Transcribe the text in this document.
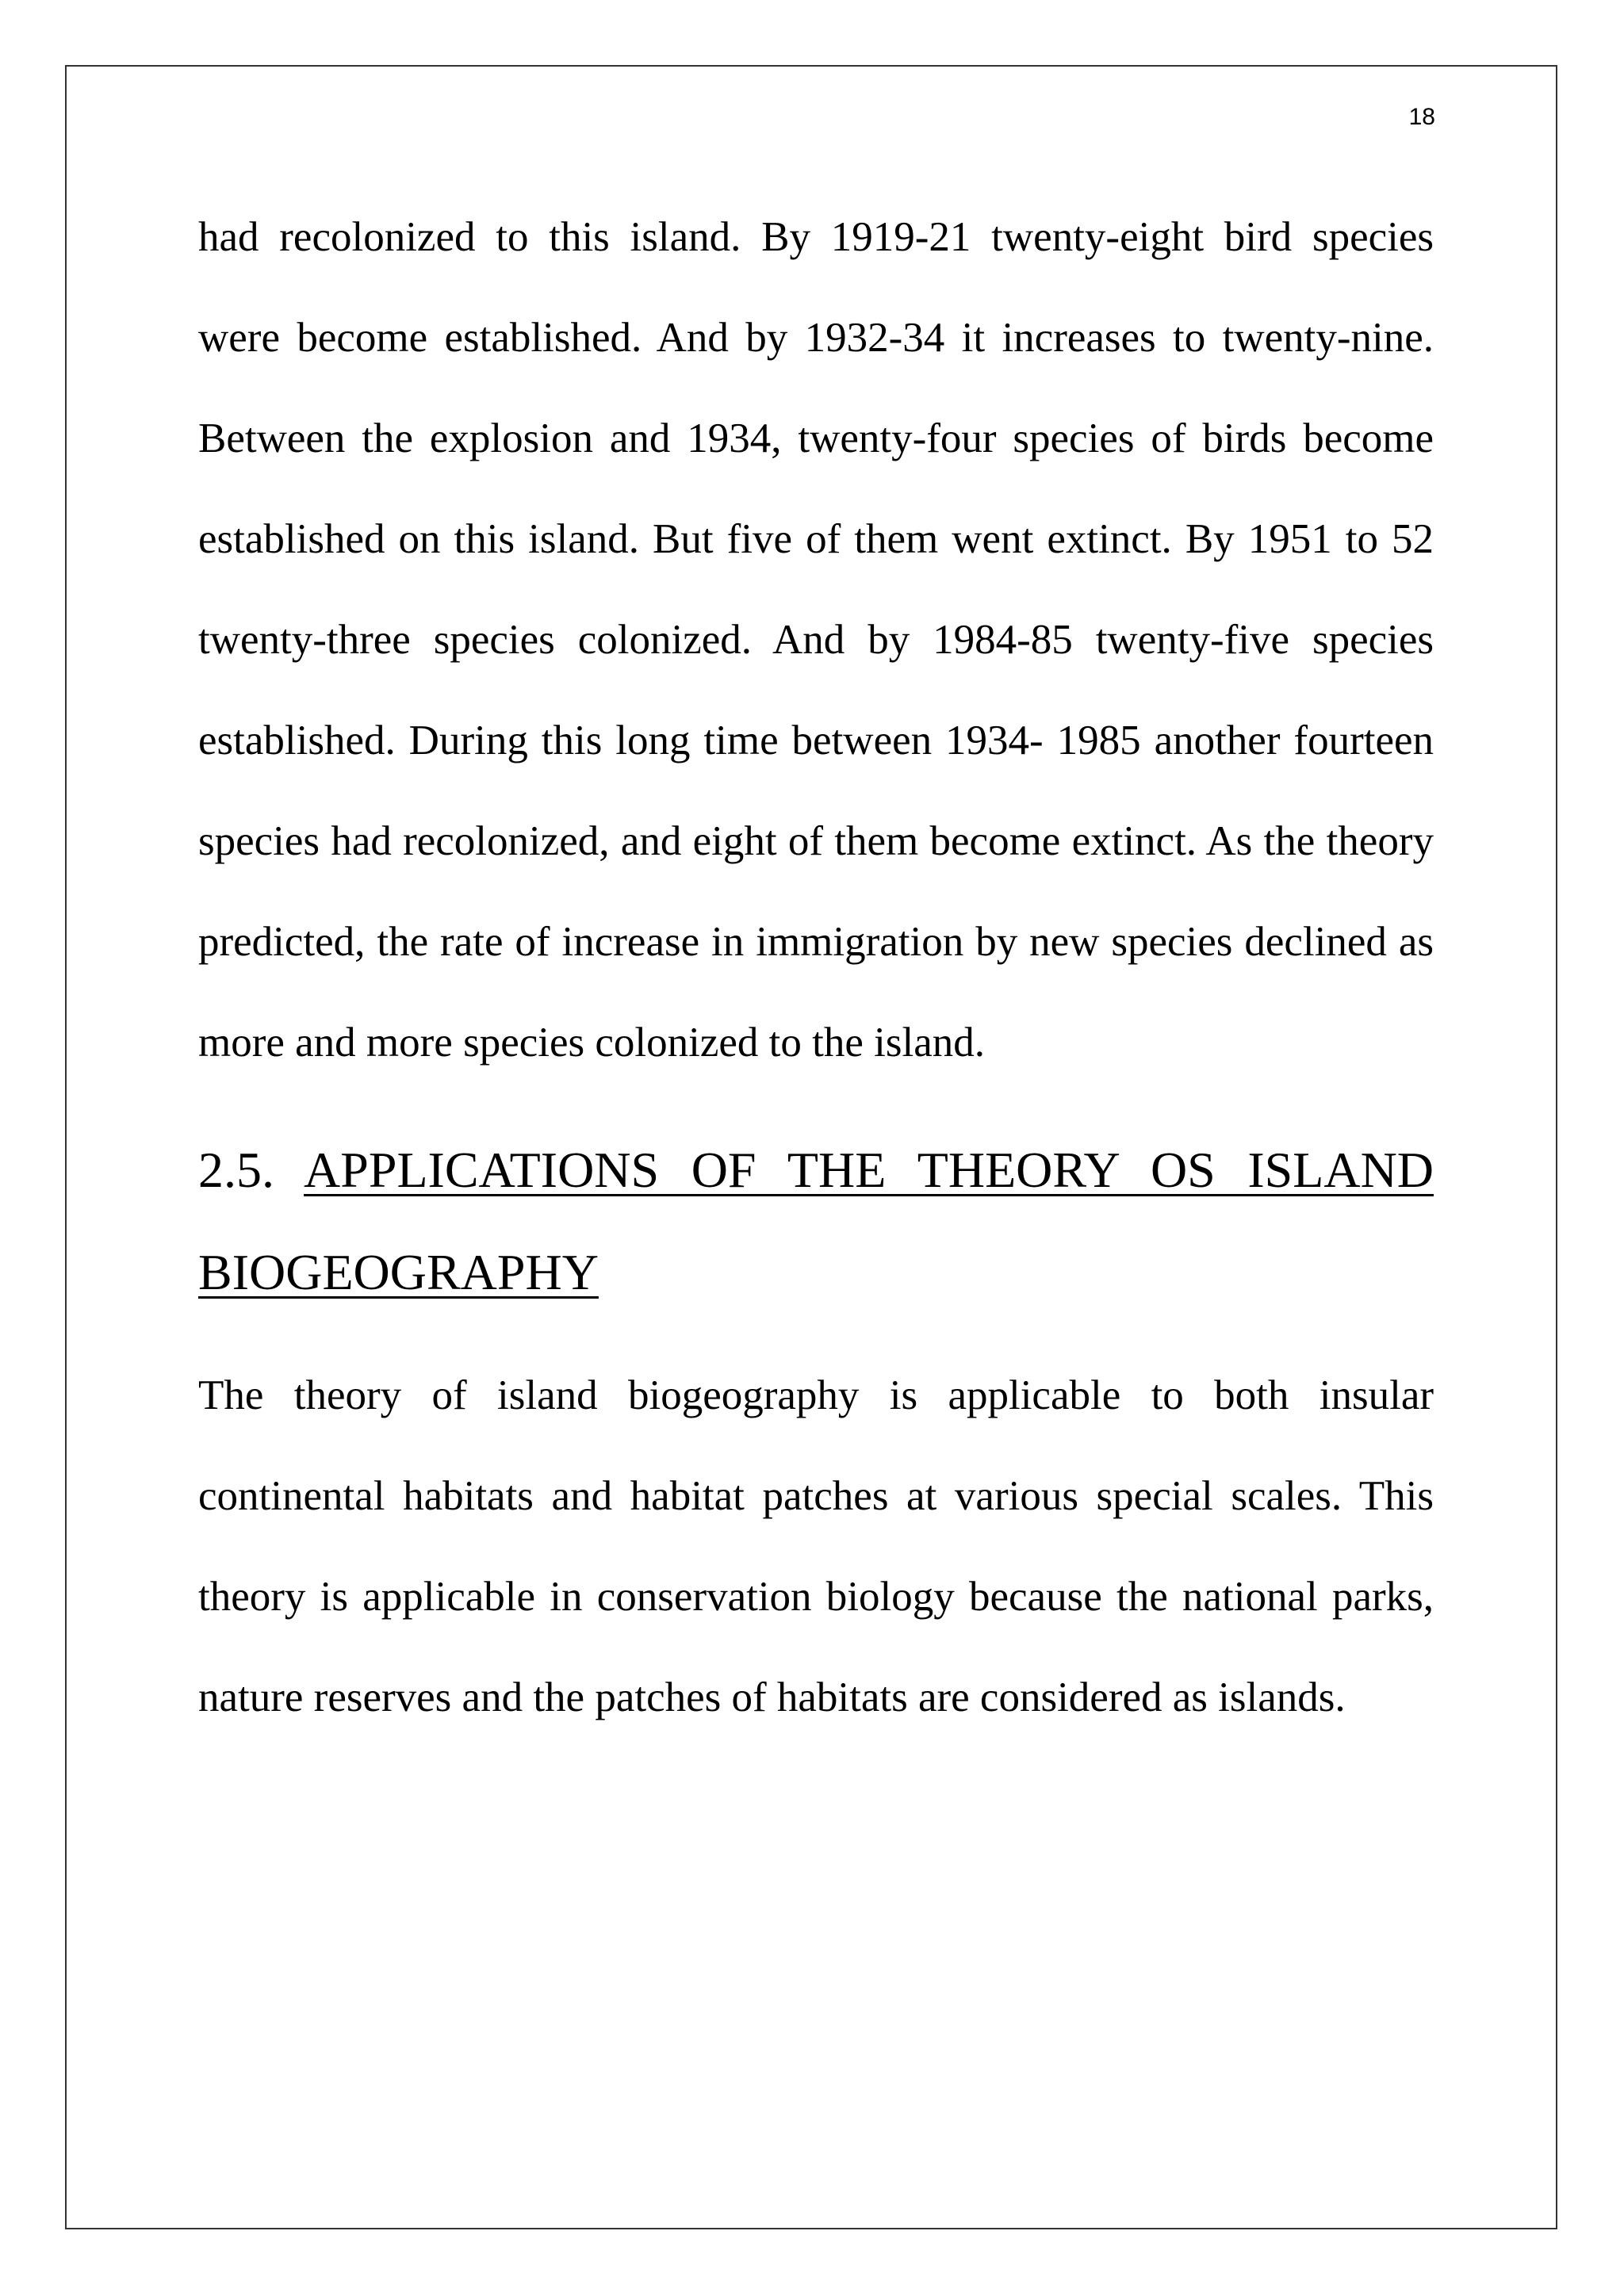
18

had recolonized to this island. By 1919-21 twenty-eight bird species were become established. And by 1932-34 it increases to twenty-nine. Between the explosion and 1934, twenty-four species of birds become established on this island. But five of them went extinct. By 1951 to 52 twenty-three species colonized. And by 1984-85 twenty-five species established. During this long time between 1934- 1985 another fourteen species had recolonized, and eight of them become extinct. As the theory predicted, the rate of increase in immigration by new species declined as more and more species colonized to the island.

2.5. APPLICATIONS OF THE THEORY OS ISLAND BIOGEOGRAPHY

The theory of island biogeography is applicable to both insular continental habitats and habitat patches at various special scales. This theory is applicable in conservation biology because the national parks, nature reserves and the patches of habitats are considered as islands.
